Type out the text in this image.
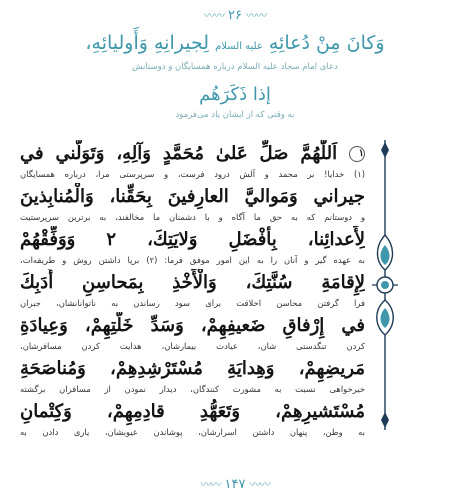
〰〰 ۲۶ 〰〰
وَكانَ مِنْ دُعائِهِ عليه السلام لِجيرانِهِ وَأَوليائِهِ،
دعای امام سجاد علیه السلام درباره همسایگان و دوستانش
إذا ذَكَرَهُم
به وقتی که از ایشان یاد می‌فرمود
١ اَللّٰهُمَّ صَلِّ عَلىٰ مُحَمَّدٍ وَآلِهِ، وَتَوَلَّني في
(۱) خدایا! بر محمد و آلش درود فرست، و سرپرستی مرا، درباره همسایگان
جيراني وَمَواليَّ العارِفينَ بِحَقِّنا، وَالْمُنابِذينَ
و دوستانم که به حق ما آگاه و با دشمنان ما مخالفند، به برترین سرپرستیت
لِأَعدائِنا، بِأَفْضَلِ وَلايَتِكَ، ٢ وَوَفِّقْهُمْ
به عهده گیر و آنان را به این امور موفق فرما: (۲) برپا داشتن روش و طریقه‌ات،
لِإِقامَةِ سُنَّتِكَ، وَالْأَخْذِ بِمَحاسِنِ أَدَبِكَ
فرا گرفتن محاسن اخلاقت برای سود رساندن به ناتوانانشان، جبران
في إِرْفاقِ ضَعيفِهِمْ، وَسَدِّ خَلَّتِهِمْ، وَعِيادَةِ
کردن تنگدستی شان، عیادت بیمارشان، هدایت کردن مسافرشان،
مَريضِهِمْ، وَهِدايَةِ مُسْتَرْشِدِهِمْ، وَمُناصَحَةِ
خیرخواهی نسبت به مشورت کنندگان، دیدار نمودن از مسافران برگشته
مُسْتَشيرِهِمْ، وَتَعَهُّدِ قادِمِهِمْ، وَكِتْمانِ
به وطن، پنهان داشتن اسرارشان، پوشاندن عیوبشان، یاری دادن به
〰〰 ۱۴۷ 〰〰
